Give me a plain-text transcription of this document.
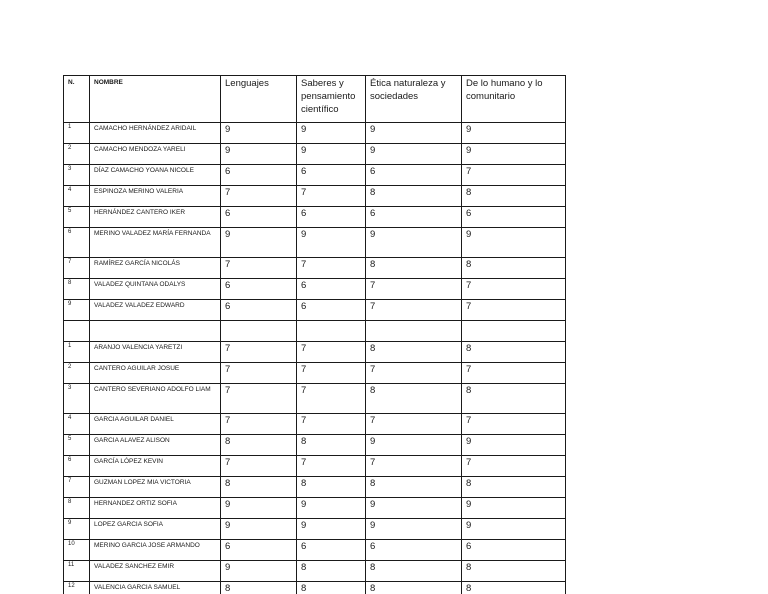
N.	NOMBRE	Lenguajes	Saberes y pensamiento científico	Ética naturaleza y sociedades	De lo humano y lo comunitario
1	CAMACHO HERNÁNDEZ ARIDAIL	9	9	9	9
2	CAMACHO MENDOZA YARELI	9	9	9	9
3	DÍAZ CAMACHO YOANA NICOLE	6	6	6	7
4	ESPINOZA MERINO VALERIA	7	7	8	8
5	HERNÁNDEZ CANTERO IKER	6	6	6	6
6	MERINO VALADEZ MARÍA FERNANDA	9	9	9	9
7	RAMÍREZ GARCÍA NICOLÁS	7	7	8	8
8	VALADEZ QUINTANA ODALYS	6	6	7	7
9	VALADEZ VALADEZ EDWARD	6	6	7	7

1	ARANJO VALENCIA YARETZI	7	7	8	8
2	CANTERO AGUILAR JOSUE	7	7	7	7
3	CANTERO SEVERIANO ADOLFO LIAM	7	7	8	8
4	GARCIA AGUILAR DANIEL	7	7	7	7
5	GARCIA ALAVEZ ALISON	8	8	9	9
6	GARCÍA LÓPEZ KEVIN	7	7	7	7
7	GUZMAN LOPEZ MIA VICTORIA	8	8	8	8
8	HERNANDEZ ORTIZ SOFIA	9	9	9	9
9	LOPEZ GARCIA SOFIA	9	9	9	9
10	MERINO GARCIA JOSE ARMANDO	6	6	6	6
11	VALADEZ SANCHEZ EMIR	9	8	8	8
12	VALENCIA GARCIA SAMUEL	8	8	8	8
